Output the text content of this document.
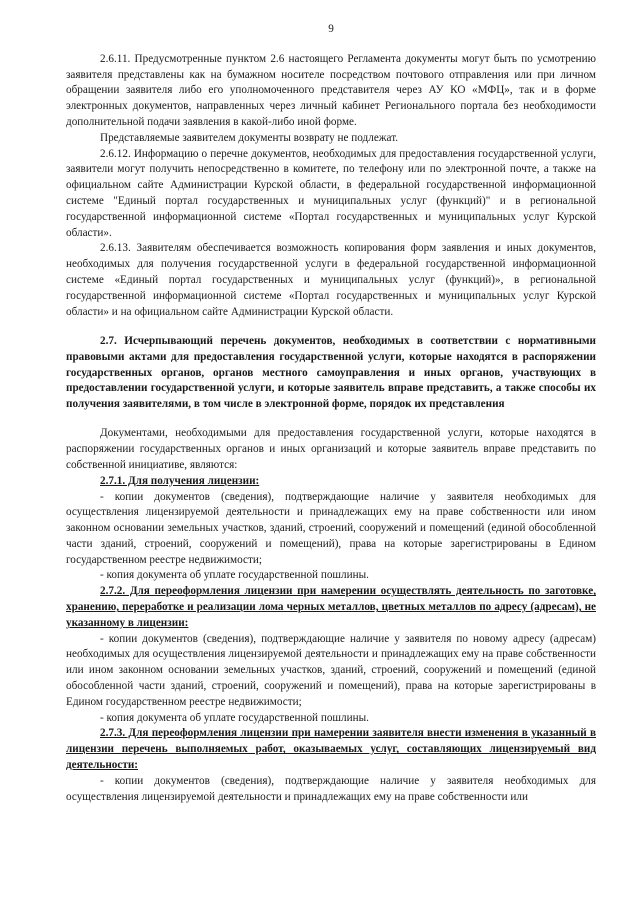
9

2.6.11. Предусмотренные пунктом 2.6 настоящего Регламента документы могут быть по усмотрению заявителя представлены как на бумажном носителе посредством почтового отправления или при личном обращении заявителя либо его уполномоченного представителя через АУ КО «МФЦ», так и в форме электронных документов, направленных через личный кабинет Регионального портала без необходимости дополнительной подачи заявления в какой-либо иной форме.

Представляемые заявителем документы возврату не подлежат.

2.6.12. Информацию о перечне документов, необходимых для предоставления государственной услуги, заявители могут получить непосредственно в комитете, по телефону или по электронной почте, а также на официальном сайте Администрации Курской области, в федеральной государственной информационной системе "Единый портал государственных и муниципальных услуг (функций)" и в региональной государственной информационной системе «Портал государственных и муниципальных услуг Курской области».

2.6.13. Заявителям обеспечивается возможность копирования форм заявления и иных документов, необходимых для получения государственной услуги в федеральной государственной информационной системе «Единый портал государственных и муниципальных услуг (функций)», в региональной государственной информационной системе «Портал государственных и муниципальных услуг Курской области» и на официальном сайте Администрации Курской области.

2.7. Исчерпывающий перечень документов, необходимых в соответствии с нормативными правовыми актами для предоставления государственной услуги, которые находятся в распоряжении государственных органов, органов местного самоуправления и иных органов, участвующих в предоставлении государственной услуги, и которые заявитель вправе представить, а также способы их получения заявителями, в том числе в электронной форме, порядок их представления

Документами, необходимыми для предоставления государственной услуги, которые находятся в распоряжении государственных органов и иных организаций и которые заявитель вправе представить по собственной инициативе, являются:

2.7.1. Для получения лицензии:

- копии документов (сведения), подтверждающие наличие у заявителя необходимых для осуществления лицензируемой деятельности и принадлежащих ему на праве собственности или ином законном основании земельных участков, зданий, строений, сооружений и помещений (единой обособленной части зданий, строений, сооружений и помещений), права на которые зарегистрированы в Едином государственном реестре недвижимости;

- копия документа об уплате государственной пошлины.

2.7.2. Для переоформления лицензии при намерении осуществлять деятельность по заготовке, хранению, переработке и реализации лома черных металлов, цветных металлов по адресу (адресам), не указанному в лицензии:

- копии документов (сведения), подтверждающие наличие у заявителя по новому адресу (адресам) необходимых для осуществления лицензируемой деятельности и принадлежащих ему на праве собственности или ином законном основании земельных участков, зданий, строений, сооружений и помещений (единой обособленной части зданий, строений, сооружений и помещений), права на которые зарегистрированы в Едином государственном реестре недвижимости;

- копия документа об уплате государственной пошлины.

2.7.3. Для переоформления лицензии при намерении заявителя внести изменения в указанный в лицензии перечень выполняемых работ, оказываемых услуг, составляющих лицензируемый вид деятельности:

- копии документов (сведения), подтверждающие наличие у заявителя необходимых для осуществления лицензируемой деятельности и принадлежащих ему на праве собственности или
